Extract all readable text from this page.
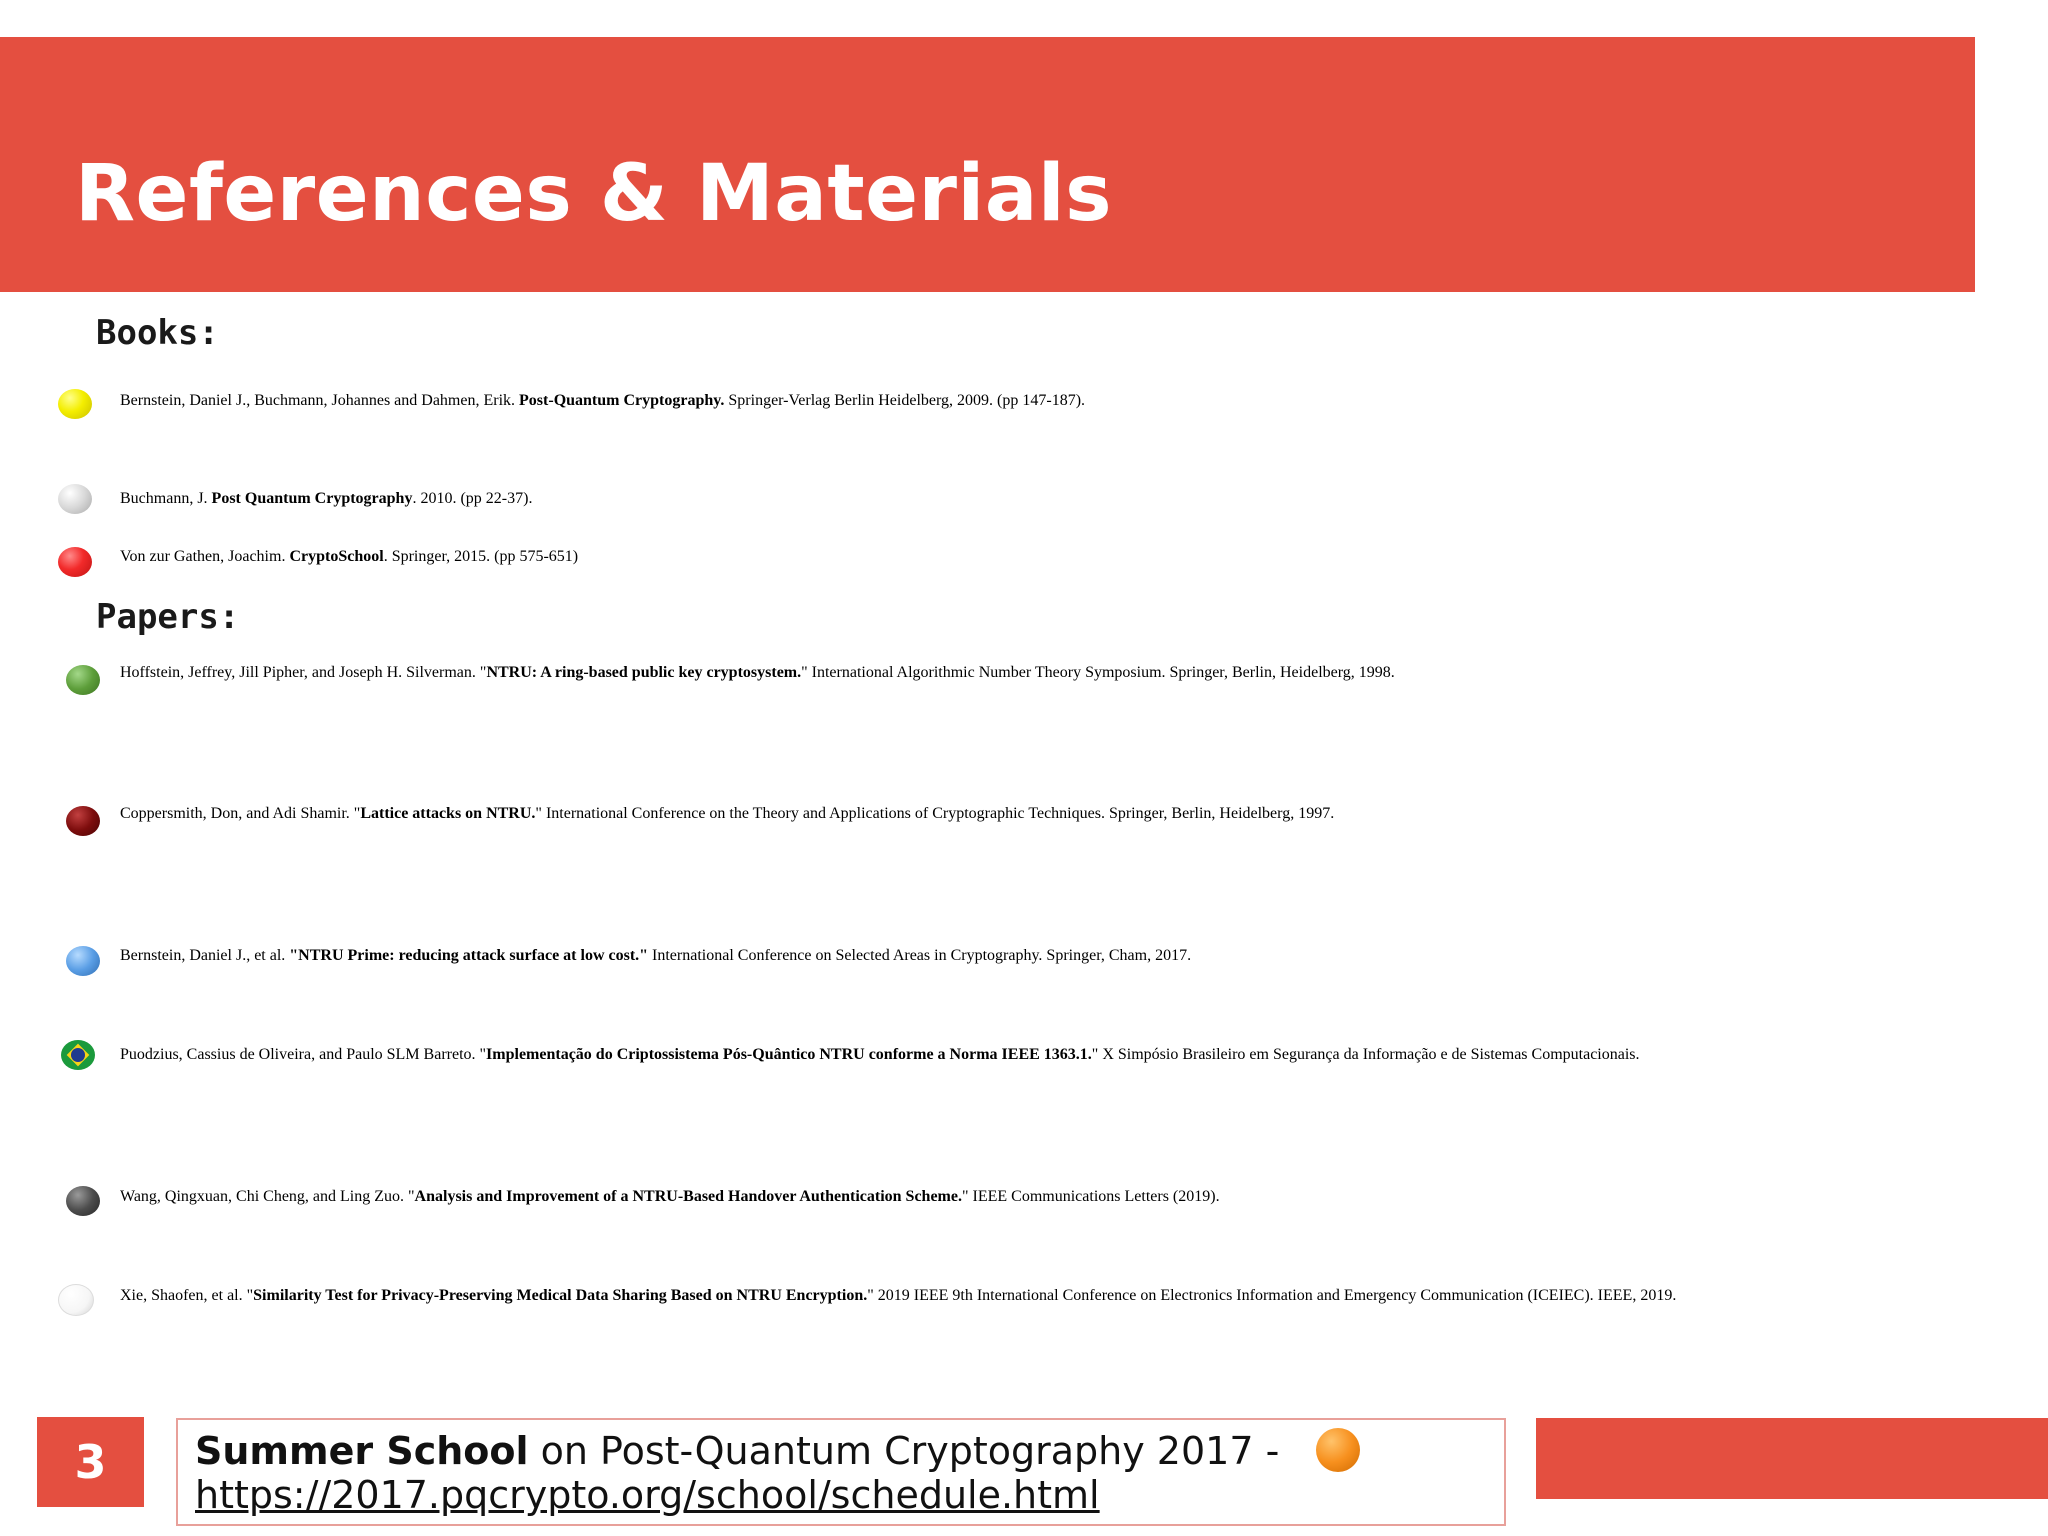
References & Materials
Books:
Bernstein, Daniel J., Buchmann, Johannes and Dahmen, Erik. Post-Quantum Cryptography. Springer-Verlag Berlin Heidelberg, 2009. (pp 147-187).
Buchmann, J. Post Quantum Cryptography. 2010. (pp 22-37).
Von zur Gathen, Joachim. CryptoSchool. Springer, 2015. (pp 575-651)
Papers:
Hoffstein, Jeffrey, Jill Pipher, and Joseph H. Silverman. "NTRU: A ring-based public key cryptosystem." International Algorithmic Number Theory Symposium. Springer, Berlin, Heidelberg, 1998.
Coppersmith, Don, and Adi Shamir. "Lattice attacks on NTRU." International Conference on the Theory and Applications of Cryptographic Techniques. Springer, Berlin, Heidelberg, 1997.
Bernstein, Daniel J., et al. "NTRU Prime: reducing attack surface at low cost." International Conference on Selected Areas in Cryptography. Springer, Cham, 2017.
Puodzius, Cassius de Oliveira, and Paulo SLM Barreto. "Implementação do Criptossistema Pós-Quântico NTRU conforme a Norma IEEE 1363.1." X Simpósio Brasileiro em Segurança da Informação e de Sistemas Computacionais.
Wang, Qingxuan, Chi Cheng, and Ling Zuo. "Analysis and Improvement of a NTRU-Based Handover Authentication Scheme." IEEE Communications Letters (2019).
Xie, Shaofen, et al. "Similarity Test for Privacy-Preserving Medical Data Sharing Based on NTRU Encryption." 2019 IEEE 9th International Conference on Electronics Information and Emergency Communication (ICEIEC). IEEE, 2019.
3	Summer School on Post-Quantum Cryptography 2017 -
https://2017.pqcrypto.org/school/schedule.html
